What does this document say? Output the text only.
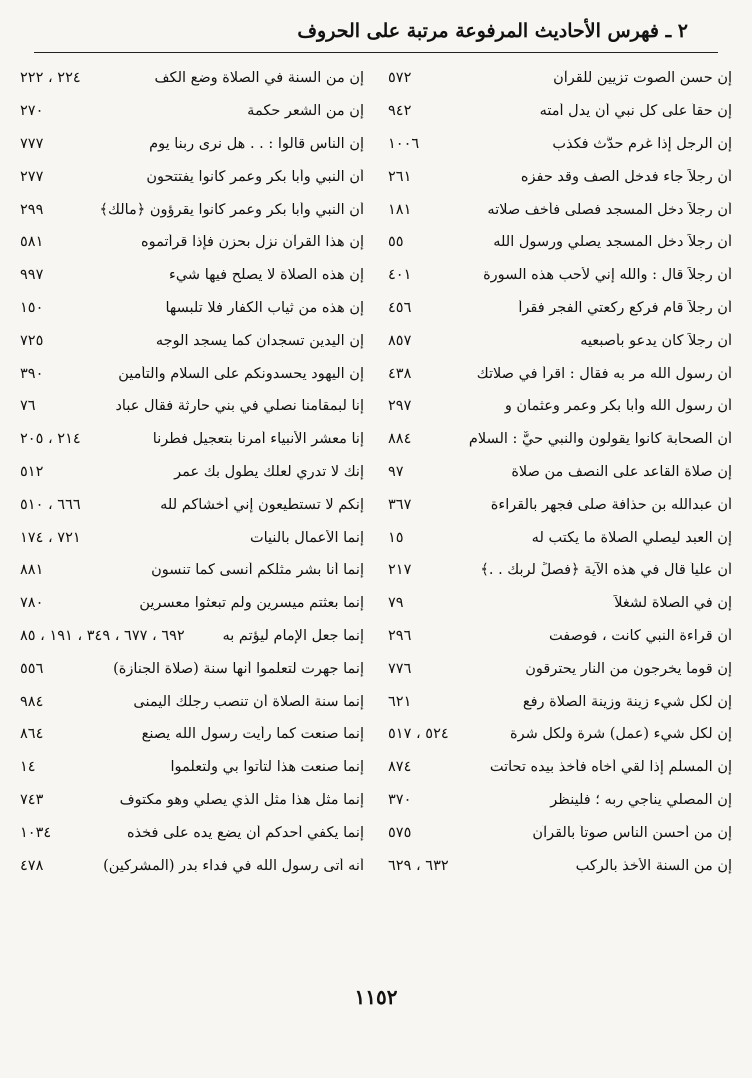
٢ ـ فهرس الأحاديث المرفوعة مرتبة على الحروف
إن حسن الصوت تزيين للقرآن
٥٧٢
إن حقاً على كل نبي أن يدل أمته
٩٤٢
إن الرجل إذا غرم حدَّث فكذب
١٠٠٦
أن رجلاً جاء فدخل الصف وقد حفزه
٢٦١
أن رجلاً دخل المسجد فصلى فأخف صلاته
١٨١
أن رجلاً دخل المسجد يصلي ورسول الله
٥٥
أن رجلاً قال : والله إني لأحب هذه السورة
٤٠١
أن رجلاً قام فركع ركعتي الفجر فقرأ
٤٥٦
أن رجلاً كان يدعو بأصبعيه
٨٥٧
أن رسول الله مر به فقال : اقرأ في صلاتك
٤٣٨
أن رسول الله وأبا بكر وعمر وعثمان و
٢٩٧
أن الصحابة كانوا يقولون والنبي حيٌّ : السلام
٨٨٤
إن صلاة القاعد على النصف من صلاة
٩٧
أن عبدالله بن حذافة صلى فجهر بالقراءة
٣٦٧
إن العبد ليصلي الصلاة ما يكتب له
١٥
أن علياً قال في هذه الآية ﴿فصلِّ لربك . .﴾
٢١٧
إن في الصلاة لشغلاً
٧٩
أن قراءة النبي كانت ، فوصفت
٢٩٦
إن قوماً يخرجون من النار يحترقون
٧٧٦
إن لكل شيء زينة وزينة الصلاة رفع
٦٢١
إن لكل شيء (عمل) شرة ولكل شرة
٥٢٤ ، ٥١٧
إن المسلم إذا لقي أخاه فأخذ بيده تحاتت
٨٧٤
إن المصلي يناجي ربه ؛ فلينظر
٣٧٠
إن من أحسن الناس صوتاً بالقرآن
٥٧٥
إن من السنة الأخذ بالركب
٦٣٢ ، ٦٢٩
إن من السنة في الصلاة وضع الكف
٢٢٤ ، ٢٢٢
إن من الشعر حكمة
٢٧٠
إن الناس قالوا : . . هل نرى ربنا يوم
٧٧٧
أن النبي وأبا بكر وعمر كانوا يفتتحون
٢٧٧
أن النبي وأبا بكر وعمر كانوا يقرؤون ﴿مالك﴾
٢٩٩
إن هذا القرآن نزل بحزن فإذا قرأتموه
٥٨١
إن هذه الصلاة لا يصلح فيها شيء
٩٩٧
إن هذه من ثياب الكفار فلا تلبسها
١٥٠
إن اليدين تسجدان كما يسجد الوجه
٧٢٥
إن اليهود يحسدونكم على السلام والتأمين
٣٩٠
إنا لبمقامنا نصلي في بني حارثة فقال عباد
٧٦
إنا معشر الأنبياء أمرنا بتعجيل فطرنا
٢١٤ ، ٢٠٥
إنك لا تدري لعلك يطول بك عمر
٥١٢
إنكم لا تستطيعون إني أخشاكم لله
٦٦٦ ، ٥١٠
إنما الأعمال بالنيات
٧٢١ ، ١٧٤
إنما أنا بشر مثلكم أنسى كما تنسون
٨٨١
إنما بعثتم ميسرين ولم تبعثوا معسرين
٧٨٠
إنما جعل الإمام ليؤتم به
٦٩٢ ، ٦٧٧ ، ٣٤٩ ، ١٩١ ، ٨٥
إنما جهرت لتعلموا أنها سنة (صلاة الجنازة)
٥٥٦
إنما سنة الصلاة أن تنصب رجلك اليمنى
٩٨٤
إنما صنعت كما رأيت رسول الله يصنع
٨٦٤
إنما صنعت هذا لتأتوا بي ولتعلموا
١٤
إنما مثل هذا مثل الذي يصلي وهو مكتوف
٧٤٣
إنما يكفي أحدكم أن يضع يده على فخذه
١٠٣٤
أنه أتى رسول الله في فداء بدر (المشركين)
٤٧٨
١١٥٢
